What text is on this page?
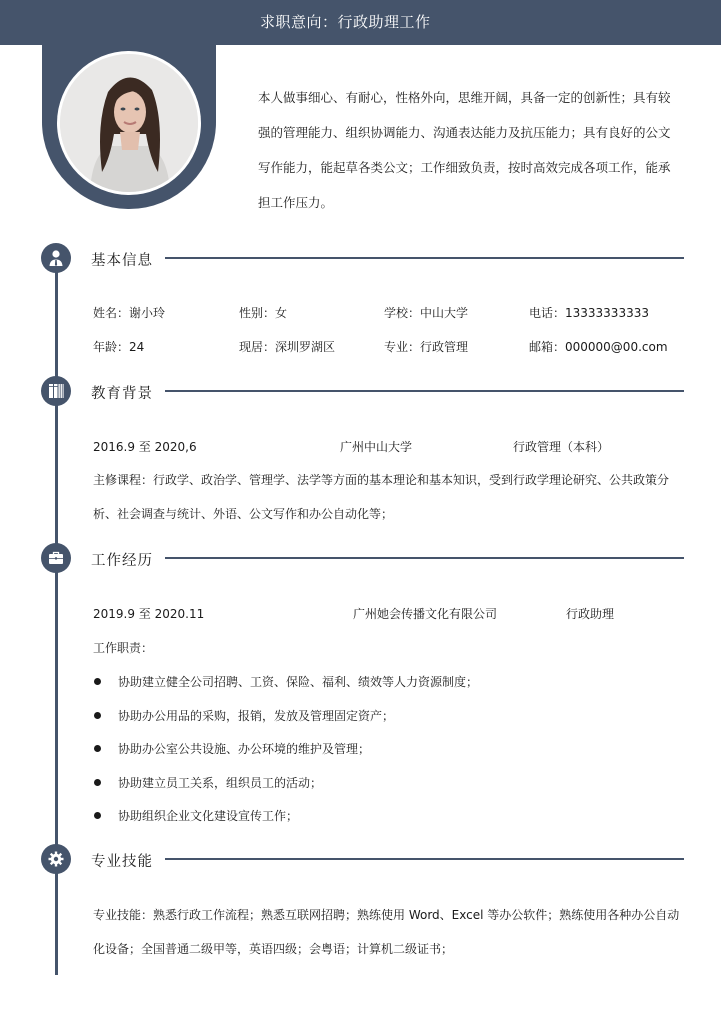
求职意向：行政助理工作
本人做事细心、有耐心，性格外向，思维开阔，具备一定的创新性；具有较强的管理能力、组织协调能力、沟通表达能力及抗压能力；具有良好的公文写作能力，能起草各类公文；工作细致负责，按时高效完成各项工作，能承担工作压力。
基本信息
姓名：谢小玲	性别：女	学校：中山大学	电话：13333333333
年龄：24	现居：深圳罗湖区	专业：行政管理	邮箱：000000@00.com
教育背景
2016.9 至 2020,6	广州中山大学	行政管理（本科）
主修课程：行政学、政治学、管理学、法学等方面的基本理论和基本知识，受到行政学理论研究、公共政策分析、社会调查与统计、外语、公文写作和办公自动化等；
工作经历
2019.9 至 2020.11	广州她会传播文化有限公司	行政助理
工作职责：
协助建立健全公司招聘、工资、保险、福利、绩效等人力资源制度；
协助办公用品的采购，报销，发放及管理固定资产；
协助办公室公共设施、办公环境的维护及管理；
协助建立员工关系，组织员工的活动；
协助组织企业文化建设宣传工作；
专业技能
专业技能：熟悉行政工作流程；熟悉互联网招聘；熟练使用 Word、Excel 等办公软件；熟练使用各种办公自动化设备；全国普通二级甲等，英语四级；会粤语；计算机二级证书；
